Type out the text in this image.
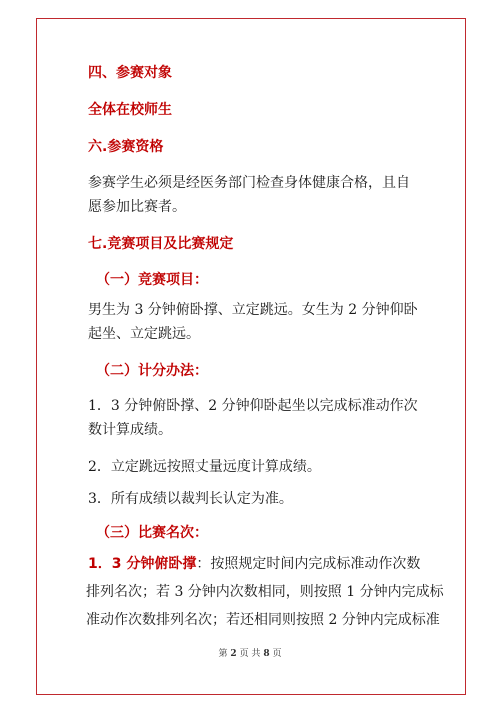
四、参赛对象
全体在校师生
六.参赛资格
参赛学生必须是经医务部门检查身体健康合格，且自
愿参加比赛者。
七.竞赛项目及比赛规定
（一）竞赛项目：
男生为 3 分钟俯卧撑、立定跳远。女生为 2 分钟仰卧
起坐、立定跳远。
（二）计分办法：
1．3 分钟俯卧撑、2 分钟仰卧起坐以完成标准动作次
数计算成绩。
2．立定跳远按照丈量远度计算成绩。
3．所有成绩以裁判长认定为准。
（三）比赛名次：
1．3 分钟俯卧撑：按照规定时间内完成标准动作次数
排列名次；若 3 分钟内次数相同，则按照 1 分钟内完成标
准动作次数排列名次；若还相同则按照 2 分钟内完成标准
第 2 页 共 8 页
